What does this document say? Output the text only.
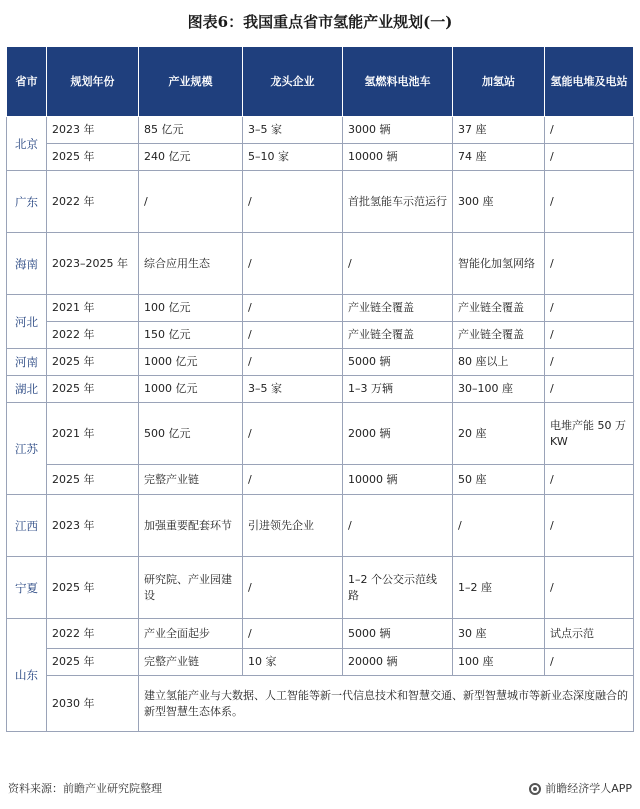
图表6：我国重点省市氢能产业规划(一)
省市	规划年份	产业规模	龙头企业	氢燃料电池车	加氢站	氢能电堆及电站
北京	2023 年	85 亿元	3–5 家	3000 辆	37 座	/
	2025 年	240 亿元	5–10 家	10000 辆	74 座	/
广东	2022 年	/	/	首批氢能车示范运行	300 座	/
海南	2023–2025 年	综合应用生态	/	/	智能化加氢网络	/
河北	2021 年	100 亿元	/	产业链全覆盖	产业链全覆盖	/
	2022 年	150 亿元	/	产业链全覆盖	产业链全覆盖	/
河南	2025 年	1000 亿元	/	5000 辆	80 座以上	/
湖北	2025 年	1000 亿元	3–5 家	1–3 万辆	30–100 座	/
江苏	2021 年	500 亿元	/	2000 辆	20 座	电堆产能 50 万 KW
	2025 年	完整产业链	/	10000 辆	50 座	/
江西	2023 年	加强重要配套环节	引进领先企业	/	/	/
宁夏	2025 年	研究院、产业园建设	/	1–2 个公交示范线路	1–2 座	/
山东	2022 年	产业全面起步	/	5000 辆	30 座	试点示范
	2025 年	完整产业链	10 家	20000 辆	100 座	/
	2030 年	建立氢能产业与大数据、人工智能等新一代信息技术和智慧交通、新型智慧城市等新业态深度融合的新型智慧生态体系。				
资料来源：前瞻产业研究院整理	前瞻经济学人APP
